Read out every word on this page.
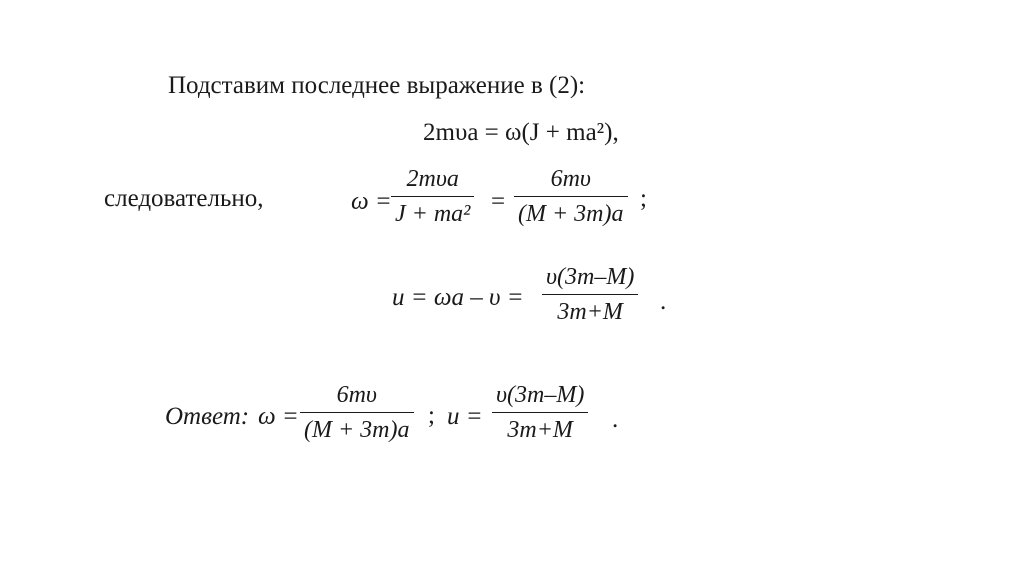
Подставим последнее выражение в (2):
2mυa = ω(J + ma²),
следовательно,	ω =
2mυa
J + ma² =
6mυ
(M + 3m)a
;
u = ωa – υ =
υ(3m–M)
3m+M .
Ответ: ω =
6mυ
(M + 3m)a
; u =
υ(3m–M)
3m+M .
